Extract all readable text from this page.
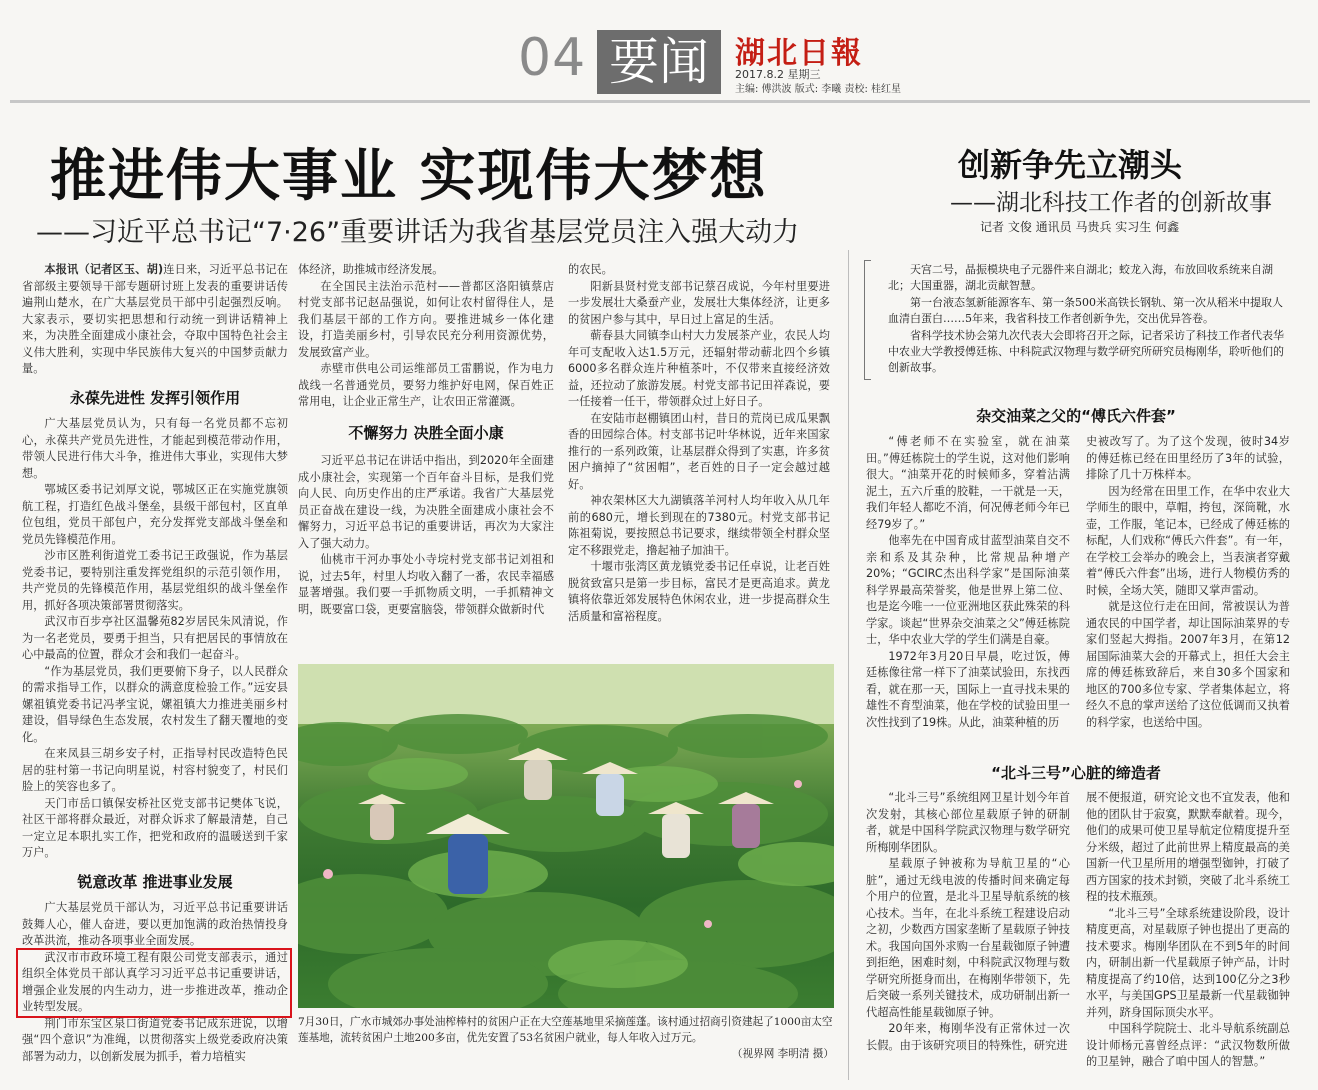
04 要闻 湖北日報
2017.8.2 星期三
主编: 傅洪波 版式: 李曦 责校: 桂红星
推进伟大事业 实现伟大梦想
——习近平总书记“7·26”重要讲话为我省基层党员注入强大动力

本报讯（记者区玉、胡)连日来，习近平总书记在省部级主要领导干部专题研讨班上发表的重要讲话传遍荆山楚水，在广大基层党员干部中引起强烈反响。大家表示，要切实把思想和行动统一到讲话精神上来，为决胜全面建成小康社会，夺取中国特色社会主义伟大胜利，实现中华民族伟大复兴的中国梦贡献力量。

永葆先进性 发挥引领作用

广大基层党员认为，只有每一名党员都不忘初心，永葆共产党员先进性，才能起到模范带动作用，带领人民进行伟大斗争，推进伟大事业，实现伟大梦想。

鄂城区委书记刘厚文说，鄂城区正在实施党旗领航工程，打造红色战斗堡垒，县级干部包村，区直单位包组，党员干部包户，充分发挥党支部战斗堡垒和党员先锋模范作用。

沙市区胜利街道党工委书记王政强说，作为基层党委书记，要特别注重发挥党组织的示范引领作用，共产党员的先锋模范作用，基层党组织的战斗堡垒作用，抓好各项决策部署贯彻落实。

武汉市百步亭社区温馨苑82岁居民朱风清说，作为一名老党员，要勇于担当，只有把居民的事情放在心中最高的位置，群众才会和我们一起奋斗。

“作为基层党员，我们更要俯下身子，以人民群众的需求指导工作，以群众的满意度检验工作。”远安县嫘祖镇党委书记冯孝宝说，嫘祖镇大力推进美丽乡村建设，倡导绿色生态发展，农村发生了翻天覆地的变化。

在来凤县三胡乡安子村，正指导村民改造特色民居的驻村第一书记向明星说，村容村貌变了，村民们脸上的笑容也多了。

天门市岳口镇保安桥社区党支部书记樊体飞说，社区干部将群众最近，对群众诉求了解最清楚，自己一定立足本职扎实工作，把党和政府的温暖送到千家万户。

锐意改革 推进事业发展

广大基层党员干部认为，习近平总书记重要讲话鼓舞人心，催人奋进，要以更加饱满的政治热情投身改革洪流，推动各项事业全面发展。

武汉市市政环境工程有限公司党支部表示，通过组织全体党员干部认真学习习近平总书记重要讲话，增强企业发展的内生动力，进一步推进改革，推动企业转型发展。

荆门市东宝区泉口街道党委书记成东进说，以增强“四个意识”为准绳，以贯彻落实上级党委政府决策部署为动力，以创新发展为抓手，着力培植实

体经济，助推城市经济发展。

在全国民主法治示范村——普都区洛阳镇蔡店村党支部书记赵品强说，如何让农村留得住人，是我们基层干部的工作方向。要推进城乡一体化建设，打造美丽乡村，引导农民充分利用资源优势，发展致富产业。

赤壁市供电公司运维部员工雷鹏说，作为电力战线一名普通党员，要努力维护好电网，保百姓正常用电，让企业正常生产，让农田正常灌溉。

不懈努力 决胜全面小康

习近平总书记在讲话中指出，到2020年全面建成小康社会，实现第一个百年奋斗目标，是我们党向人民、向历史作出的庄严承诺。我省广大基层党员正奋战在建设一线，为决胜全面建成小康社会不懈努力，习近平总书记的重要讲话，再次为大家注入了强大动力。

仙桃市干河办事处小寺垸村党支部书记刘祖和说，过去5年，村里人均收入翻了一番，农民幸福感显著增强。我们要一手抓物质文明，一手抓精神文明，既要富口袋，更要富脑袋，带领群众做新时代

的农民。

阳新县贤村党支部书记蔡召成说，今年村里要进一步发展壮大桑蚕产业，发展壮大集体经济，让更多的贫困户参与其中，早日过上富足的生活。

蕲春县大同镇李山村大力发展茶产业，农民人均年可支配收入达1.5万元，还辐射带动蕲北四个乡镇6000多名群众连片种植茶叶，不仅带来直接经济效益，还拉动了旅游发展。村党支部书记田祥森说，要一任接着一任干，带领群众过上好日子。

在安陆市赵棚镇团山村，昔日的荒岗已成瓜果飘香的田园综合体。村支部书记叶华林说，近年来国家推行的一系列政策，让基层群众得到了实惠，许多贫困户摘掉了“贫困帽”，老百姓的日子一定会越过越好。

神农架林区大九湖镇落羊河村人均年收入从几年前的680元，增长到现在的7380元。村党支部书记陈祖菊说，要按照总书记要求，继续带领全村群众坚定不移跟党走，撸起袖子加油干。

十堰市张湾区黄龙镇党委书记任卓说，让老百姓脱贫致富只是第一步目标，富民才是更高追求。黄龙镇将依靠近郊发展特色休闲农业，进一步提高群众生活质量和富裕程度。

7月30日，广水市城郊办事处油榨棒村的贫困户正在大空莲基地里采摘莲蓬。该村通过招商引资建起了1000亩太空莲基地，流转贫困户土地200多亩，优先安置了53名贫困户就业，每人年收入过万元。
（视界网 李明清 摄）
创新争先立潮头
——湖北科技工作者的创新故事
记者 文俊 通讯员 马贵兵 实习生 何鑫

天宫二号，晶振模块电子元器件来自湖北；蛟龙入海，布放回收系统来自湖北；大国重器，湖北贡献智慧。

第一台液态氢新能源客车、第一条500米高铁长钢轨、第一次从稻米中提取人血清白蛋白……5年来，我省科技工作者创新争先，交出优异答卷。

省科学技术协会第九次代表大会即将召开之际，记者采访了科技工作者代表华中农业大学教授傅廷栋、中科院武汉物理与数学研究所研究员梅刚华，聆听他们的创新故事。

杂交油菜之父的“傅氏六件套”

“傅老师不在实验室，就在油菜田。”傅廷栋院士的学生说，这对他们影响很大。“油菜开花的时候师多，穿着沾满泥土，五六斤重的胶鞋，一干就是一天，我们年轻人都吃不消，何况傅老师今年已经79岁了。”

他率先在中国育成甘蓝型油菜自交不亲和系及其杂种，比常规品种增产20%；“GCIRC杰出科学家”是国际油菜科学界最高荣誉奖，他是世界上第二位、也是迄今唯一一位亚洲地区获此殊荣的科学家。谈起“世界杂交油菜之父”傅廷栋院士，华中农业大学的学生们满是自豪。

1972年3月20日早晨，吃过饭，傅廷栋像往常一样下了油菜试验田，东找西看，就在那一天，国际上一直寻找未果的雄性不育型油菜，他在学校的试验田里一次性找到了19株。从此，油菜种植的历

史被改写了。为了这个发现，彼时34岁的傅廷栋已经在田里经历了3年的试验，排除了几十万株样本。

因为经常在田里工作，在华中农业大学师生的眼中，草帽，挎包，深筒靴，水壶，工作服，笔记本，已经成了傅廷栋的标配，人们戏称“傅氏六件套”。有一年，在学校工会举办的晚会上，当表演者穿戴着“傅氏六件套”出场，进行人物模仿秀的时候，全场大笑，随即又掌声雷动。

就是这位行走在田间，常被误认为普通农民的中国学者，却让国际油菜界的专家们竖起大拇指。2007年3月，在第12届国际油菜大会的开幕式上，担任大会主席的傅廷栋致辞后，来自30多个国家和地区的700多位专家、学者集体起立，将经久不息的掌声送给了这位低调而又执着的科学家，也送给中国。

“北斗三号”心脏的缔造者

“北斗三号”系统组网卫星计划今年首次发射，其核心部位星载原子钟的研制者，就是中国科学院武汉物理与数学研究所梅刚华团队。

星载原子钟被称为导航卫星的“心脏”，通过无线电波的传播时间来确定每个用户的位置，是北斗卫星导航系统的核心技术。当年，在北斗系统工程建设启动之初，少数西方国家垄断了星载原子钟技术。我国向国外求购一台星载铷原子钟遭到拒绝，困难时刻，中科院武汉物理与数学研究所挺身而出，在梅刚华带领下，先后突破一系列关键技术，成功研制出新一代超高性能星载铷原子钟。

20年来，梅刚华没有正常休过一次长假。由于该研究项目的特殊性，研究进

展不便报道，研究论文也不宜发表，他和他的团队甘于寂寞，默默奉献着。现今，他们的成果可使卫星导航定位精度提升至分米级，超过了此前世界上精度最高的美国新一代卫星所用的增强型铷钟，打破了西方国家的技术封锁，突破了北斗系统工程的技术瓶颈。

“北斗三号”全球系统建设阶段，设计精度更高，对星载原子钟也提出了更高的技术要求。梅刚华团队在不到5年的时间内，研制出新一代星载原子钟产品，计时精度提高了约10倍，达到100亿分之3秒水平，与美国GPS卫星最新一代星载铷钟并列，跻身国际顶尖水平。

中国科学院院士、北斗导航系统副总设计师杨元喜曾经点评：“武汉物数所做的卫星钟，融合了咱中国人的智慧。”
